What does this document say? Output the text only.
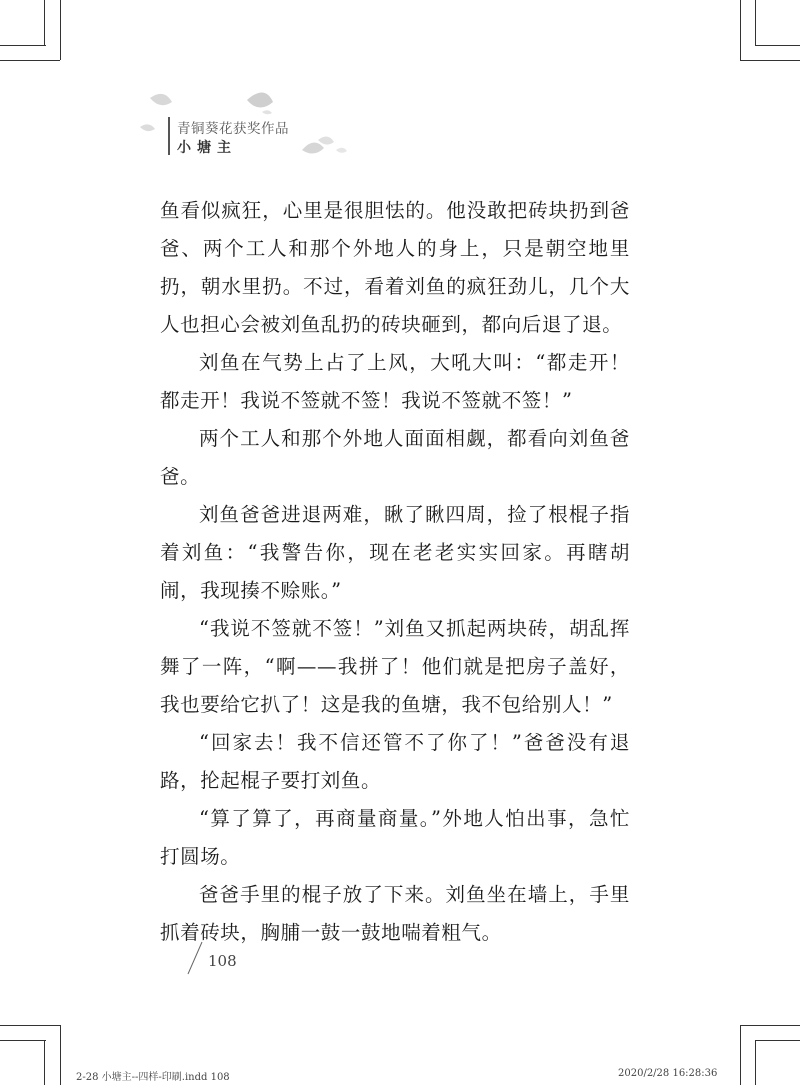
青铜葵花获奖作品
小塘主

鱼看似疯狂，心里是很胆怯的。他没敢把砖块扔到爸爸、两个工人和那个外地人的身上，只是朝空地里扔，朝水里扔。不过，看着刘鱼的疯狂劲儿，几个大人也担心会被刘鱼乱扔的砖块砸到，都向后退了退。

刘鱼在气势上占了上风，大吼大叫：“都走开！都走开！我说不签就不签！我说不签就不签！”

两个工人和那个外地人面面相觑，都看向刘鱼爸爸。

刘鱼爸爸进退两难，瞅了瞅四周，捡了根棍子指着刘鱼：“我警告你，现在老老实实回家。再瞎胡闹，我现揍不赊账。”

“我说不签就不签！”刘鱼又抓起两块砖，胡乱挥舞了一阵，“啊——我拼了！他们就是把房子盖好，我也要给它扒了！这是我的鱼塘，我不包给别人！”

“回家去！我不信还管不了你了！”爸爸没有退路，抡起棍子要打刘鱼。

“算了算了，再商量商量。”外地人怕出事，急忙打圆场。

爸爸手里的棍子放了下来。刘鱼坐在墙上，手里抓着砖块，胸脯一鼓一鼓地喘着粗气。

108
2-28 小塘主--四样-印刷.indd 108	2020/2/28 16:28:36
